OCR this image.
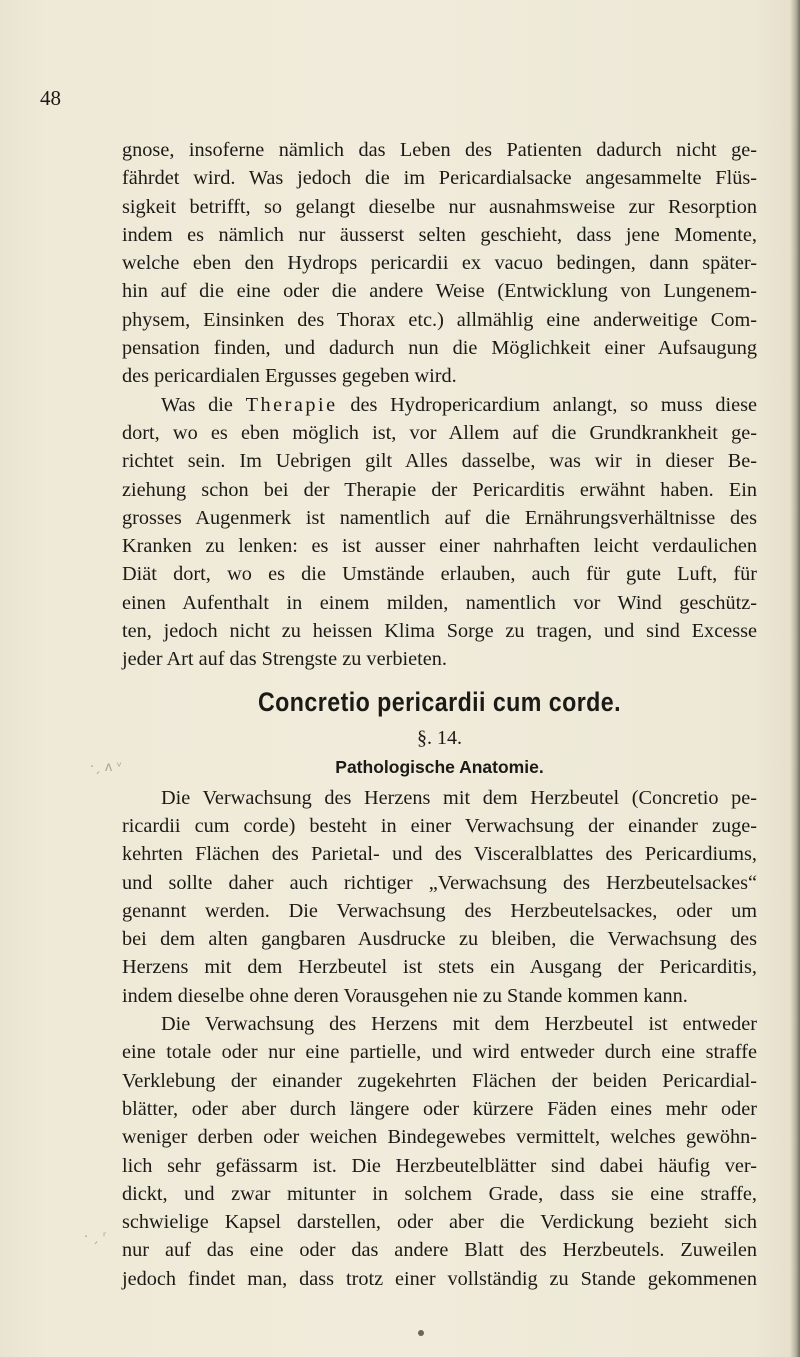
48
·ˏ ʌ ᵛ
· ˏ ʳ

gnose, insoferne nämlich das Leben des Patienten dadurch nicht ge-
fährdet wird. Was jedoch die im Pericardialsacke angesammelte Flüs-
sigkeit betrifft, so gelangt dieselbe nur ausnahmsweise zur Resorption
indem es nämlich nur äusserst selten geschieht, dass jene Momente,
welche eben den Hydrops pericardii ex vacuo bedingen, dann später-
hin auf die eine oder die andere Weise (Entwicklung von Lungenem-
physem, Einsinken des Thorax etc.) allmählig eine anderweitige Com-
pensation finden, und dadurch nun die Möglichkeit einer Aufsaugung
des pericardialen Ergusses gegeben wird.

Was die Therapie des Hydropericardium anlangt, so muss diese
dort, wo es eben möglich ist, vor Allem auf die Grundkrankheit ge-
richtet sein. Im Uebrigen gilt Alles dasselbe, was wir in dieser Be-
ziehung schon bei der Therapie der Pericarditis erwähnt haben. Ein
grosses Augenmerk ist namentlich auf die Ernährungsverhältnisse des
Kranken zu lenken: es ist ausser einer nahrhaften leicht verdaulichen
Diät dort, wo es die Umstände erlauben, auch für gute Luft, für
einen Aufenthalt in einem milden, namentlich vor Wind geschütz-
ten, jedoch nicht zu heissen Klima Sorge zu tragen, und sind Excesse
jeder Art auf das Strengste zu verbieten.

Concretio pericardii cum corde.
§. 14.
Pathologische Anatomie.

Die Verwachsung des Herzens mit dem Herzbeutel (Concretio pe-
ricardii cum corde) besteht in einer Verwachsung der einander zuge-
kehrten Flächen des Parietal- und des Visceralblattes des Pericardiums,
und sollte daher auch richtiger „Verwachsung des Herzbeutelsackes“
genannt werden. Die Verwachsung des Herzbeutelsackes, oder um
bei dem alten gangbaren Ausdrucke zu bleiben, die Verwachsung des
Herzens mit dem Herzbeutel ist stets ein Ausgang der Pericarditis,
indem dieselbe ohne deren Vorausgehen nie zu Stande kommen kann.

Die Verwachsung des Herzens mit dem Herzbeutel ist entweder
eine totale oder nur eine partielle, und wird entweder durch eine straffe
Verklebung der einander zugekehrten Flächen der beiden Pericardial-
blätter, oder aber durch längere oder kürzere Fäden eines mehr oder
weniger derben oder weichen Bindegewebes vermittelt, welches gewöhn-
lich sehr gefässarm ist. Die Herzbeutelblätter sind dabei häufig ver-
dickt, und zwar mitunter in solchem Grade, dass sie eine straffe,
schwielige Kapsel darstellen, oder aber die Verdickung bezieht sich
nur auf das eine oder das andere Blatt des Herzbeutels. Zuweilen
jedoch findet man, dass trotz einer vollständig zu Stande gekommenen
